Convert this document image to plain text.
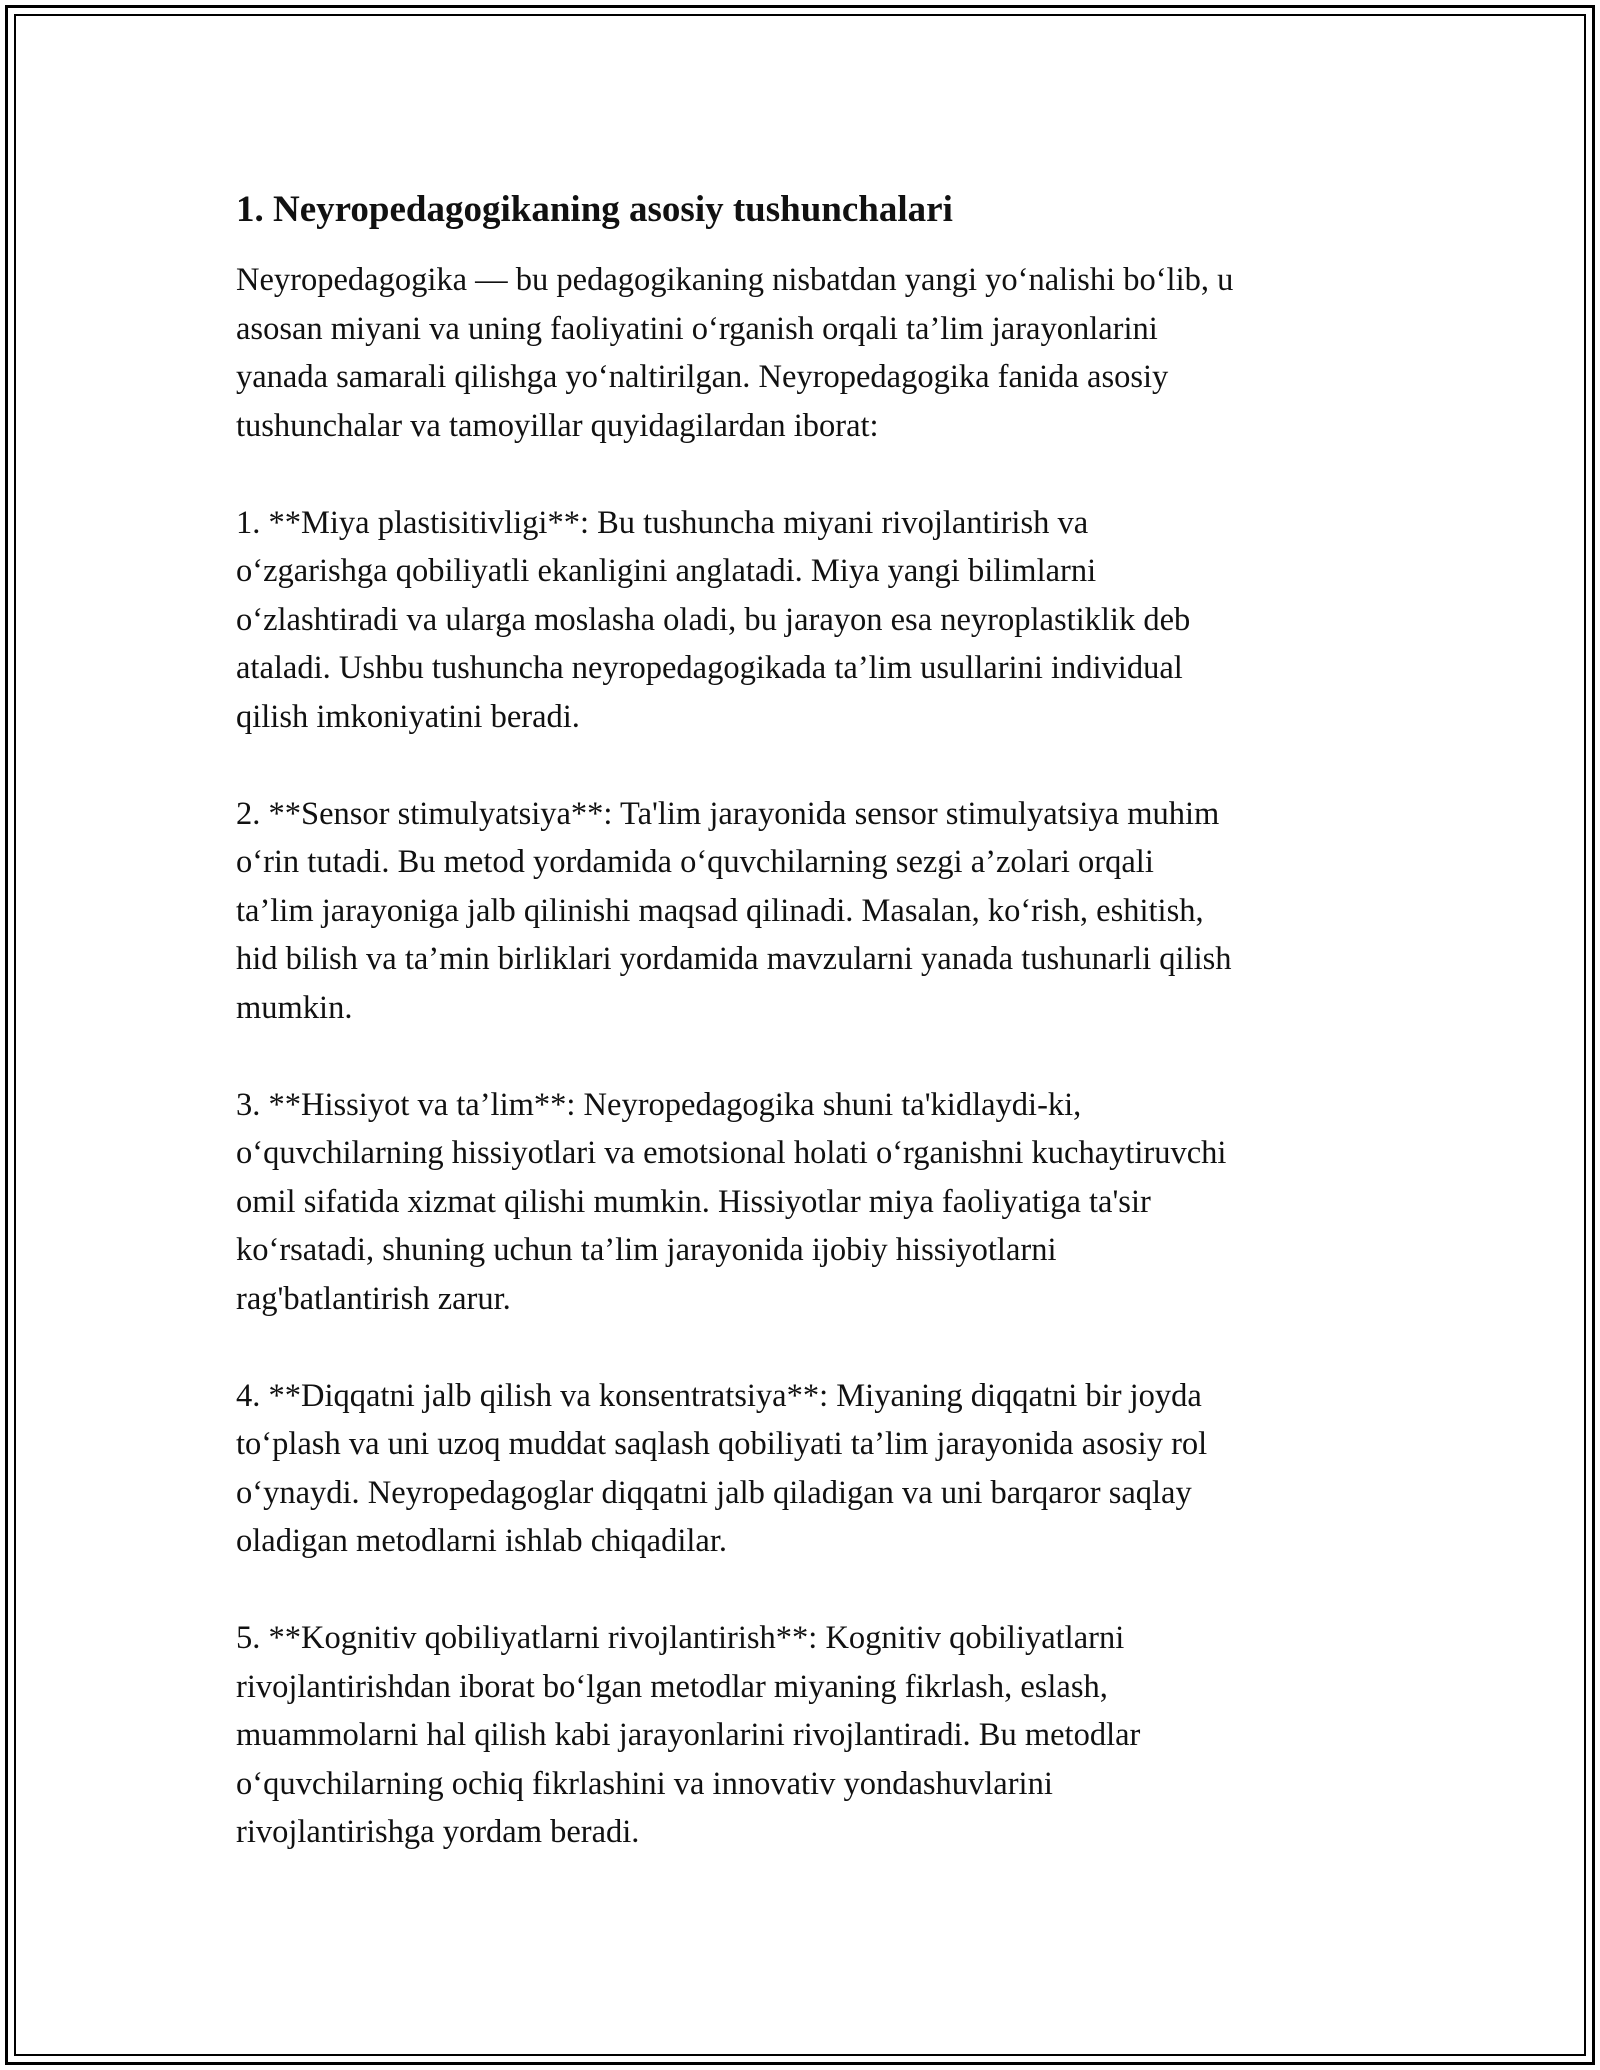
1. Neyropedagogikaning asosiy tushunchalari

Neyropedagogika — bu pedagogikaning nisbatdan yangi yo‘nalishi bo‘lib, u
asosan miyani va uning faoliyatini o‘rganish orqali ta’lim jarayonlarini
yanada samarali qilishga yo‘naltirilgan. Neyropedagogika fanida asosiy
tushunchalar va tamoyillar quyidagilardan iborat:

1. **Miya plastisitivligi**: Bu tushuncha miyani rivojlantirish va
o‘zgarishga qobiliyatli ekanligini anglatadi. Miya yangi bilimlarni
o‘zlashtiradi va ularga moslasha oladi, bu jarayon esa neyroplastiklik deb
ataladi. Ushbu tushuncha neyropedagogikada ta’lim usullarini individual
qilish imkoniyatini beradi.

2. **Sensor stimulyatsiya**: Ta'lim jarayonida sensor stimulyatsiya muhim
o‘rin tutadi. Bu metod yordamida o‘quvchilarning sezgi a’zolari orqali
ta’lim jarayoniga jalb qilinishi maqsad qilinadi. Masalan, ko‘rish, eshitish,
hid bilish va ta’min birliklari yordamida mavzularni yanada tushunarli qilish
mumkin.

3. **Hissiyot va ta’lim**: Neyropedagogika shuni ta'kidlaydi-ki,
o‘quvchilarning hissiyotlari va emotsional holati o‘rganishni kuchaytiruvchi
omil sifatida xizmat qilishi mumkin. Hissiyotlar miya faoliyatiga ta'sir
ko‘rsatadi, shuning uchun ta’lim jarayonida ijobiy hissiyotlarni
rag'batlantirish zarur.

4. **Diqqatni jalb qilish va konsentratsiya**: Miyaning diqqatni bir joyda
to‘plash va uni uzoq muddat saqlash qobiliyati ta’lim jarayonida asosiy rol
o‘ynaydi. Neyropedagoglar diqqatni jalb qiladigan va uni barqaror saqlay
oladigan metodlarni ishlab chiqadilar.

5. **Kognitiv qobiliyatlarni rivojlantirish**: Kognitiv qobiliyatlarni
rivojlantirishdan iborat bo‘lgan metodlar miyaning fikrlash, eslash,
muammolarni hal qilish kabi jarayonlarini rivojlantiradi. Bu metodlar
o‘quvchilarning ochiq fikrlashini va innovativ yondashuvlarini
rivojlantirishga yordam beradi.
